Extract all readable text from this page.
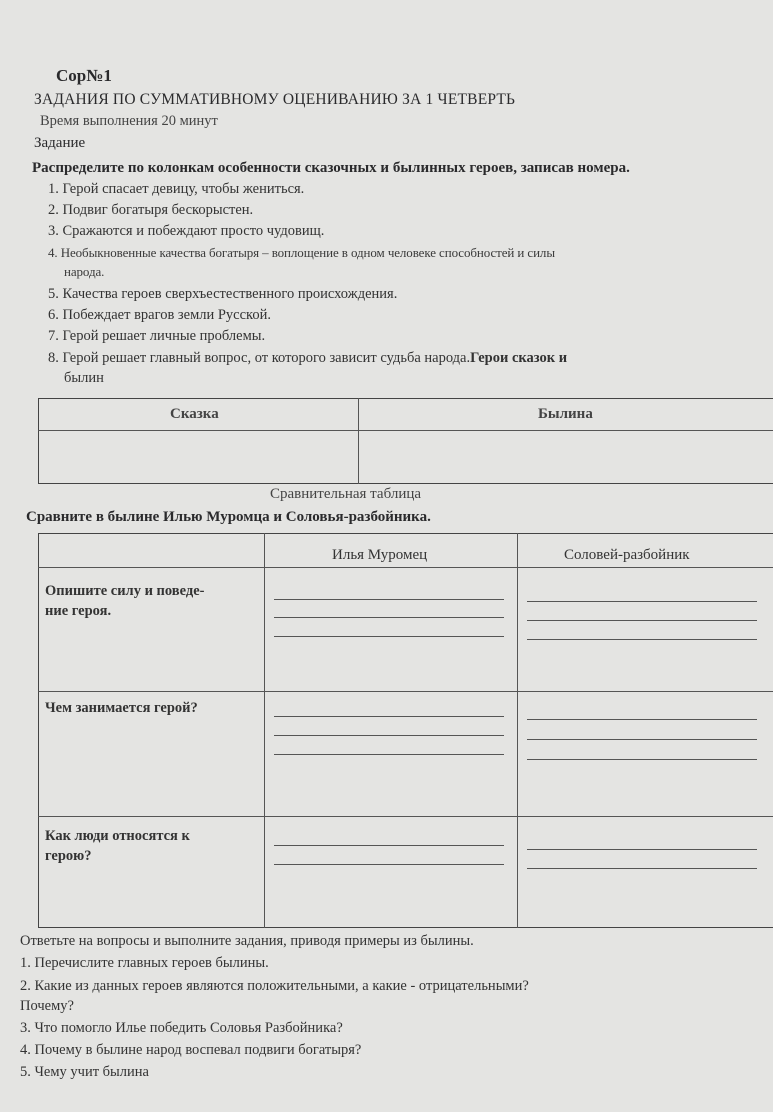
Сор№1
ЗАДАНИЯ ПО СУММАТИВНОМУ ОЦЕНИВАНИЮ ЗА 1 ЧЕТВЕРТЬ
Время выполнения 20 минут
Задание
Распределите по колонкам особенности сказочных и былинных героев, записав номера.
1. Герой спасает девицу, чтобы жениться.
2. Подвиг богатыря бескорыстен.
3. Сражаются и побеждают просто чудовищ.
4. Необыкновенные качества богатыря – воплощение в одном человеке способностей и силы
народа.
5. Качества героев сверхъестественного происхождения.
6. Побеждает врагов земли Русской.
7. Герой решает личные проблемы.
8. Герой решает главный вопрос, от которого зависит судьба народа.Герои сказок и
былин
Сказка	Былина
Сравнительная таблица
Сравните в былине Илью Муромца и Соловья-разбойника.
Илья Муромец	Соловей-разбойник
Опишите силу и поведе-
ние героя.
Чем занимается герой?
Как люди относятся к
герою?
Ответьте на вопросы и выполните задания, приводя примеры из былины.
1. Перечислите главных героев былины.
2. Какие из данных героев являются положительными, а какие - отрицательными?
Почему?
3. Что помогло Илье победить Соловья Разбойника?
4. Почему в былине народ воспевал подвиги богатыря?
5. Чему учит былина
